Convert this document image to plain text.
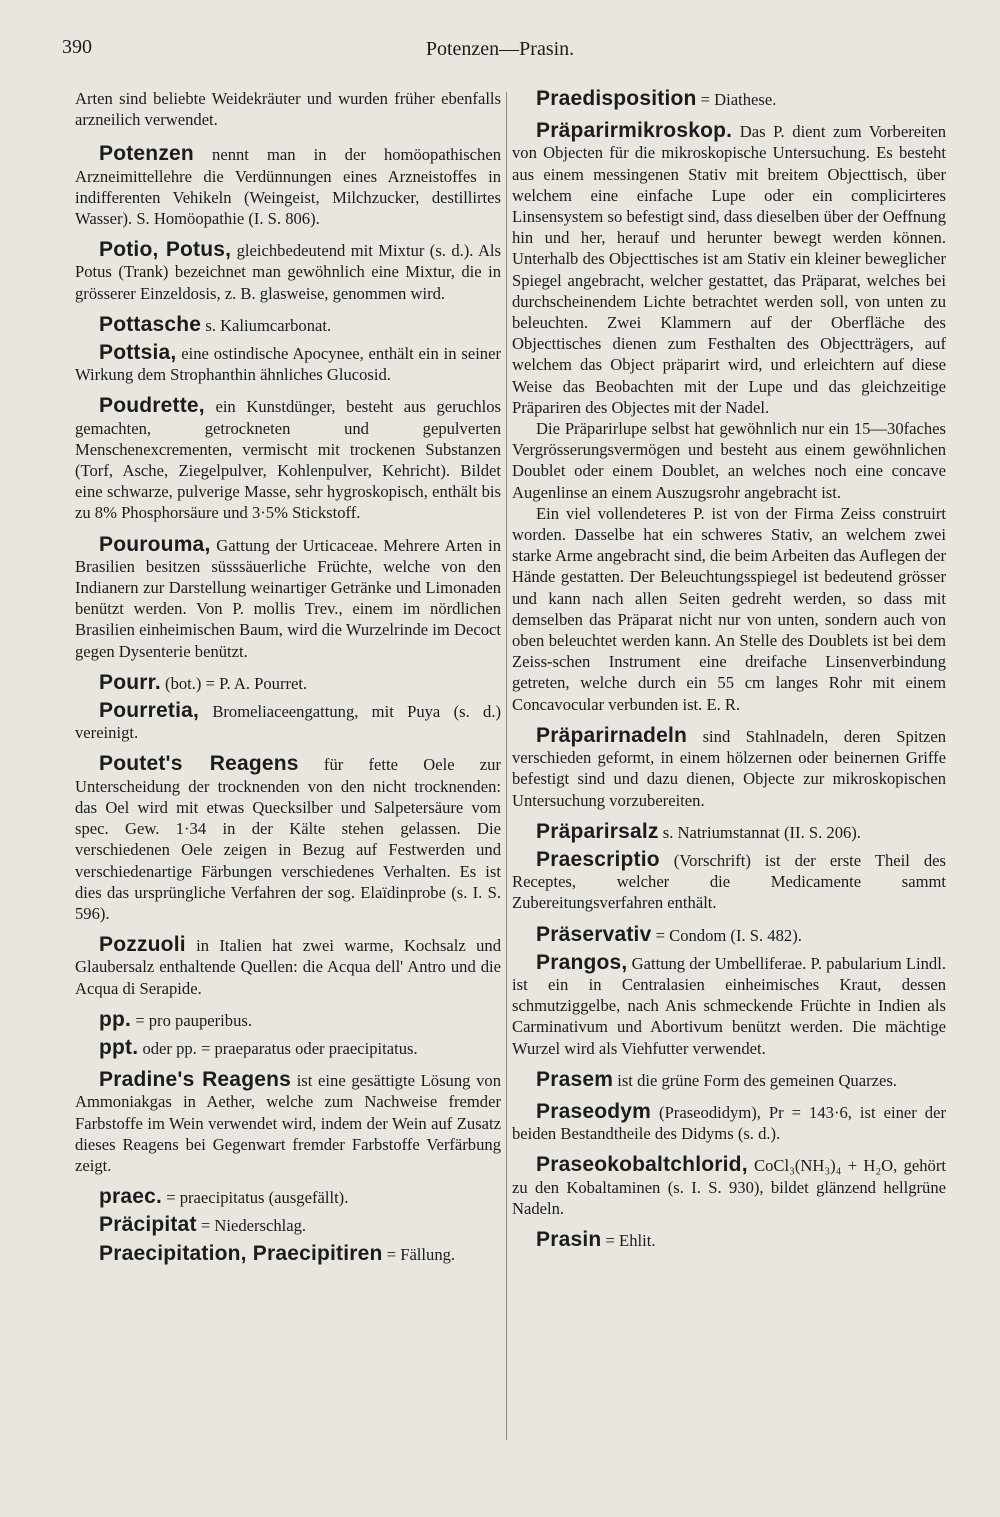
390	Potenzen—Prasin.

Arten sind beliebte Weidekräuter und wurden früher ebenfalls arzneilich verwendet.

Potenzen nennt man in der homöopathischen Arzneimittellehre die Verdünnungen eines Arzneistoffes in indifferenten Vehikeln (Weingeist, Milchzucker, destillirtes Wasser). S. Homöopathie (I. S. 806).

Potio, Potus, gleichbedeutend mit Mixtur (s. d.). Als Potus (Trank) bezeichnet man gewöhnlich eine Mixtur, die in grösserer Einzeldosis, z. B. glasweise, genommen wird.

Pottasche s. Kaliumcarbonat.

Pottsia, eine ostindische Apocynee, enthält ein in seiner Wirkung dem Strophanthin ähnliches Glucosid.

Poudrette, ein Kunstdünger, besteht aus geruchlos gemachten, getrockneten und gepulverten Menschenexcrementen, vermischt mit trockenen Substanzen (Torf, Asche, Ziegelpulver, Kohlenpulver, Kehricht). Bildet eine schwarze, pulverige Masse, sehr hygroskopisch, enthält bis zu 8% Phosphorsäure und 3·5% Stickstoff.

Pourouma, Gattung der Urticaceae. Mehrere Arten in Brasilien besitzen süsssäuerliche Früchte, welche von den Indianern zur Darstellung weinartiger Getränke und Limonaden benützt werden. Von P. mollis Trev., einem im nördlichen Brasilien einheimischen Baum, wird die Wurzelrinde im Decoct gegen Dysenterie benützt.

Pourr. (bot.) = P. A. Pourret.

Pourretia, Bromeliaceengattung, mit Puya (s. d.) vereinigt.

Poutet's Reagens für fette Oele zur Unterscheidung der trocknenden von den nicht trocknenden: das Oel wird mit etwas Quecksilber und Salpetersäure vom spec. Gew. 1·34 in der Kälte stehen gelassen. Die verschiedenen Oele zeigen in Bezug auf Festwerden und verschiedenartige Färbungen verschiedenes Verhalten. Es ist dies das ursprüngliche Verfahren der sog. Elaïdinprobe (s. I. S. 596).

Pozzuoli in Italien hat zwei warme, Kochsalz und Glaubersalz enthaltende Quellen: die Acqua dell' Antro und die Acqua di Serapide.

pp. = pro pauperibus.

ppt. oder pp. = praeparatus oder praecipitatus.

Pradine's Reagens ist eine gesättigte Lösung von Ammoniakgas in Aether, welche zum Nachweise fremder Farbstoffe im Wein verwendet wird, indem der Wein auf Zusatz dieses Reagens bei Gegenwart fremder Farbstoffe Verfärbung zeigt.

praec. = praecipitatus (ausgefällt).

Präcipitat = Niederschlag.

Praecipitation, Praecipitiren = Fällung.

Praedisposition = Diathese.

Präparirmikroskop. Das P. dient zum Vorbereiten von Objecten für die mikroskopische Untersuchung. Es besteht aus einem messingenen Stativ mit breitem Objecttisch, über welchem eine einfache Lupe oder ein complicirteres Linsensystem so befestigt sind, dass dieselben über der Oeffnung hin und her, herauf und herunter bewegt werden können. Unterhalb des Objecttisches ist am Stativ ein kleiner beweglicher Spiegel angebracht, welcher gestattet, das Präparat, welches bei durchscheinendem Lichte betrachtet werden soll, von unten zu beleuchten. Zwei Klammern auf der Oberfläche des Objecttisches dienen zum Festhalten des Objectträgers, auf welchem das Object präparirt wird, und erleichtern auf diese Weise das Beobachten mit der Lupe und das gleichzeitige Präpariren des Objectes mit der Nadel.

Die Präparirlupe selbst hat gewöhnlich nur ein 15—30faches Vergrösserungsvermögen und besteht aus einem gewöhnlichen Doublet oder einem Doublet, an welches noch eine concave Augenlinse an einem Auszugsrohr angebracht ist.

Ein viel vollendeteres P. ist von der Firma Zeiss construirt worden. Dasselbe hat ein schweres Stativ, an welchem zwei starke Arme angebracht sind, die beim Arbeiten das Auflegen der Hände gestatten. Der Beleuchtungsspiegel ist bedeutend grösser und kann nach allen Seiten gedreht werden, so dass mit demselben das Präparat nicht nur von unten, sondern auch von oben beleuchtet werden kann. An Stelle des Doublets ist bei dem Zeiss-schen Instrument eine dreifache Linsenverbindung getreten, welche durch ein 55 cm langes Rohr mit einem Concavocular verbunden ist. E. R.

Präparirnadeln sind Stahlnadeln, deren Spitzen verschieden geformt, in einem hölzernen oder beinernen Griffe befestigt sind und dazu dienen, Objecte zur mikroskopischen Untersuchung vorzubereiten.

Präparirsalz s. Natriumstannat (II. S. 206).

Praescriptio (Vorschrift) ist der erste Theil des Receptes, welcher die Medicamente sammt Zubereitungsverfahren enthält.

Präservativ = Condom (I. S. 482).

Prangos, Gattung der Umbelliferae. P. pabularium Lindl. ist ein in Centralasien einheimisches Kraut, dessen schmutziggelbe, nach Anis schmeckende Früchte in Indien als Carminativum und Abortivum benützt werden. Die mächtige Wurzel wird als Viehfutter verwendet.

Prasem ist die grüne Form des gemeinen Quarzes.

Praseodym (Praseodidym), Pr = 143·6, ist einer der beiden Bestandtheile des Didyms (s. d.).

Praseokobaltchlorid, CoCl₃(NH₃)₄ + H₂O, gehört zu den Kobaltaminen (s. I. S. 930), bildet glänzend hellgrüne Nadeln.

Prasin = Ehlit.
